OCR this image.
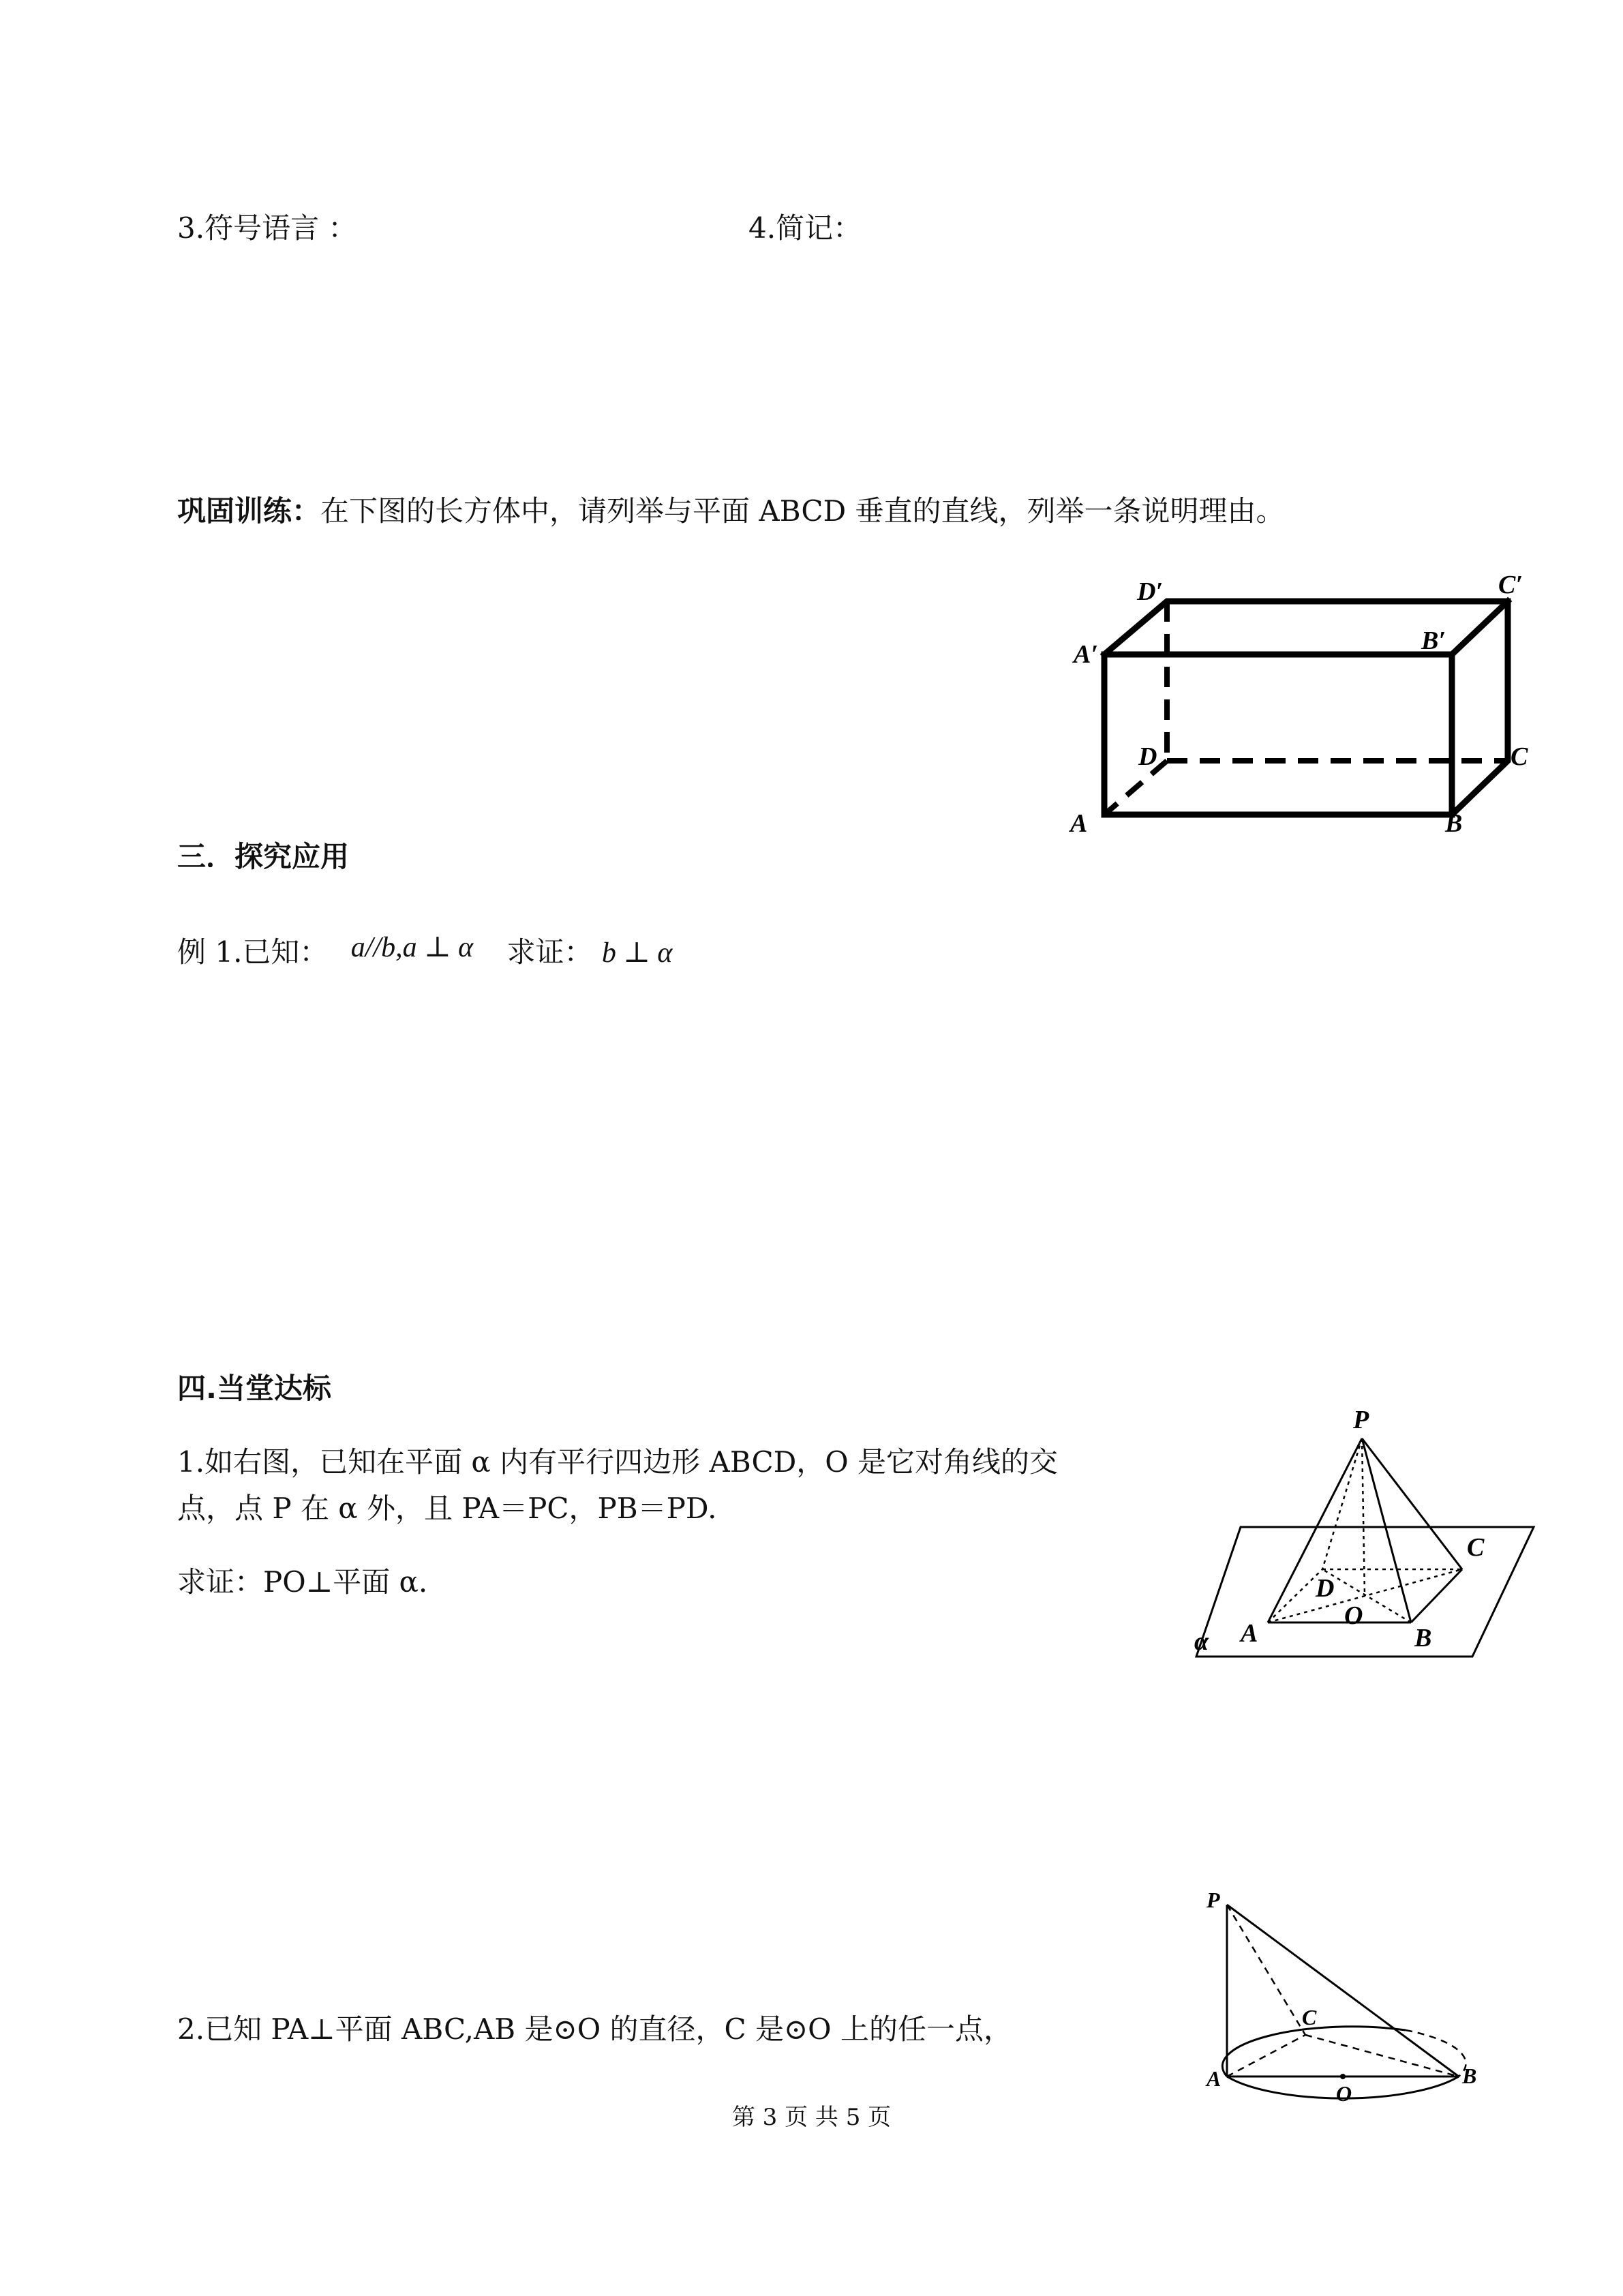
3.符号语言 ：	4.简记：
巩固训练：在下图的长方体中，请列举与平面 ABCD 垂直的直线，列举一条说明理由。
D′	C′
A′	B′
D	C
A	B
三．探究应用
例 1.已知： a//b,a ⊥ α 求证： b ⊥ α
四.当堂达标
1.如右图，已知在平面 α 内有平行四边形 ABCD，O 是它对角线的交
点，点 P 在 α 外，且 PA＝PC，PB＝PD.
求证：PO⊥平面 α.
P
C
D
O
α A	B
2.已知 PA⊥平面 ABC,AB 是⊙O 的直径，C 是⊙O 上的任一点，
P
C
A
O
B
第 3 页 共 5 页
